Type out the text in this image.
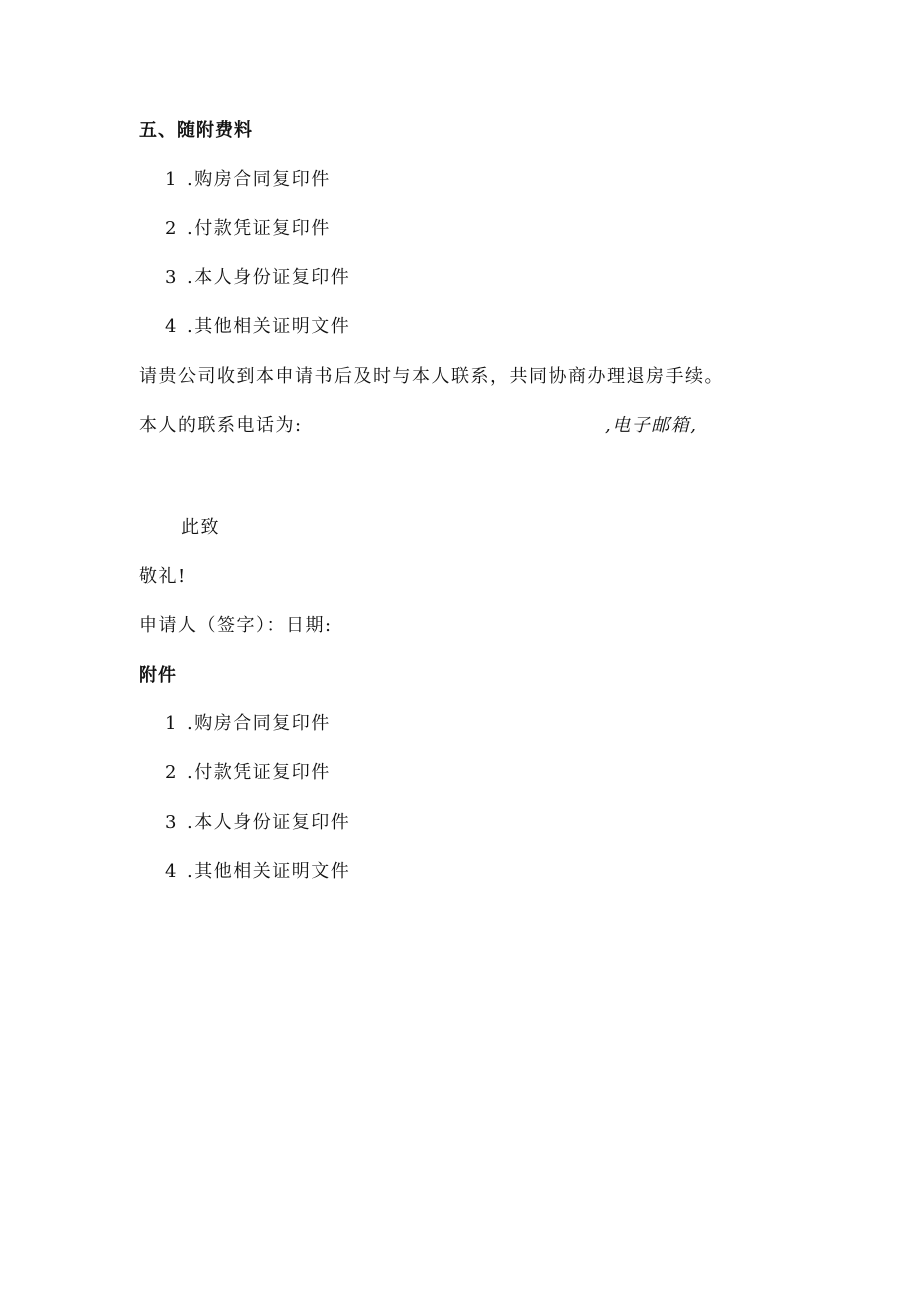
五、随附费料
1 .购房合同复印件
2 .付款凭证复印件
3 .本人身份证复印件
4 .其他相关证明文件
请贵公司收到本申请书后及时与本人联系，共同协商办理退房手续。
本人的联系电话为:	,电子邮箱,
此致
敬礼!
申请人（签字）：日期:
附件
1 .购房合同复印件
2 .付款凭证复印件
3 .本人身份证复印件
4 .其他相关证明文件
